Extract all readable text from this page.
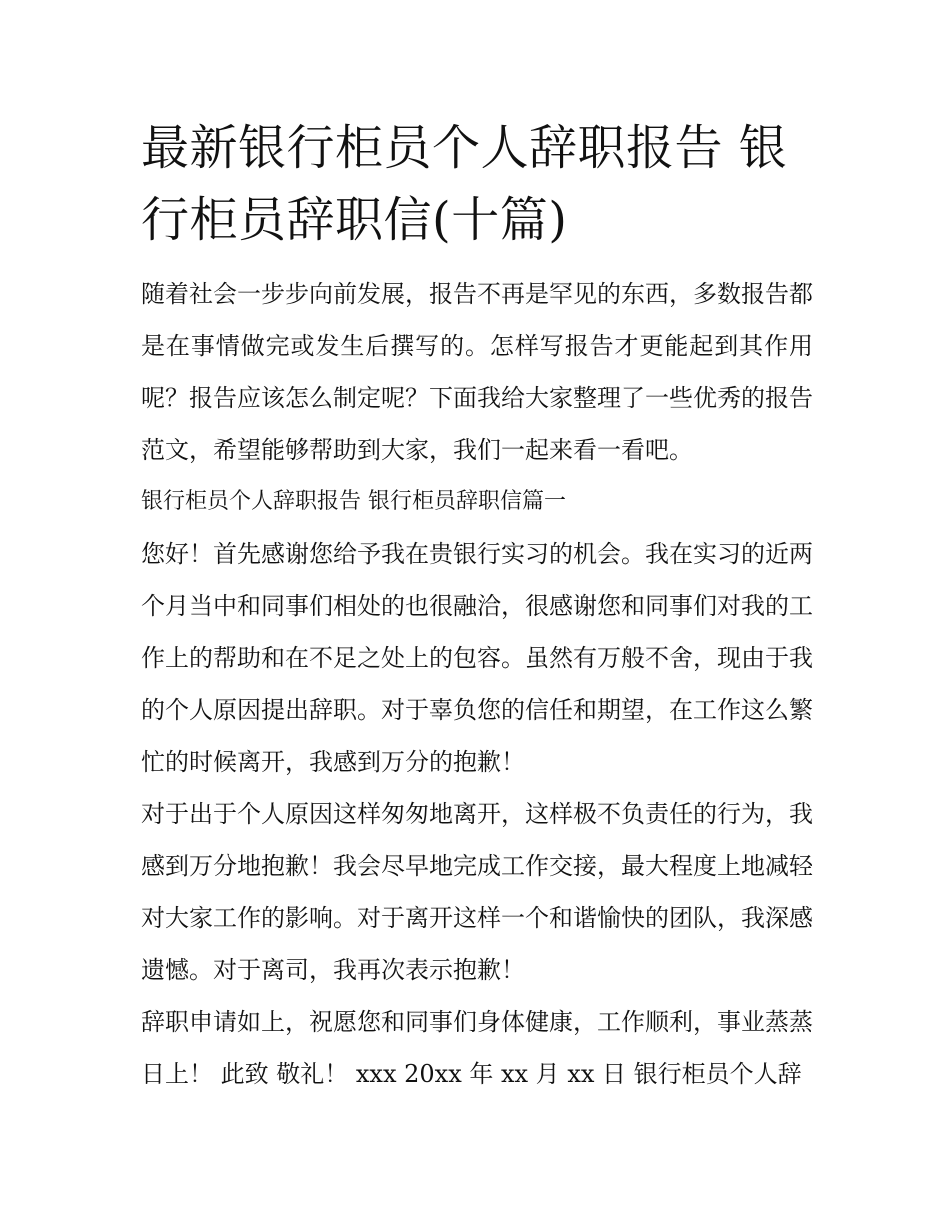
最新银行柜员个人辞职报告 银行柜员辞职信(十篇)

随着社会一步步向前发展，报告不再是罕见的东西，多数报告都是在事情做完或发生后撰写的。怎样写报告才更能起到其作用呢？报告应该怎么制定呢？下面我给大家整理了一些优秀的报告范文，希望能够帮助到大家，我们一起来看一看吧。

银行柜员个人辞职报告 银行柜员辞职信篇一

您好！首先感谢您给予我在贵银行实习的机会。我在实习的近两个月当中和同事们相处的也很融洽，很感谢您和同事们对我的工作上的帮助和在不足之处上的包容。虽然有万般不舍，现由于我的个人原因提出辞职。对于辜负您的信任和期望，在工作这么繁忙的时候离开，我感到万分的抱歉！

对于出于个人原因这样匆匆地离开，这样极不负责任的行为，我感到万分地抱歉！我会尽早地完成工作交接，最大程度上地减轻对大家工作的影响。对于离开这样一个和谐愉快的团队，我深感遗憾。对于离司，我再次表示抱歉！

辞职申请如上，祝愿您和同事们身体健康，工作顺利，事业蒸蒸日上！ 此致 敬礼！ xxx 20xx 年 xx 月 xx 日 银行柜员个人辞
